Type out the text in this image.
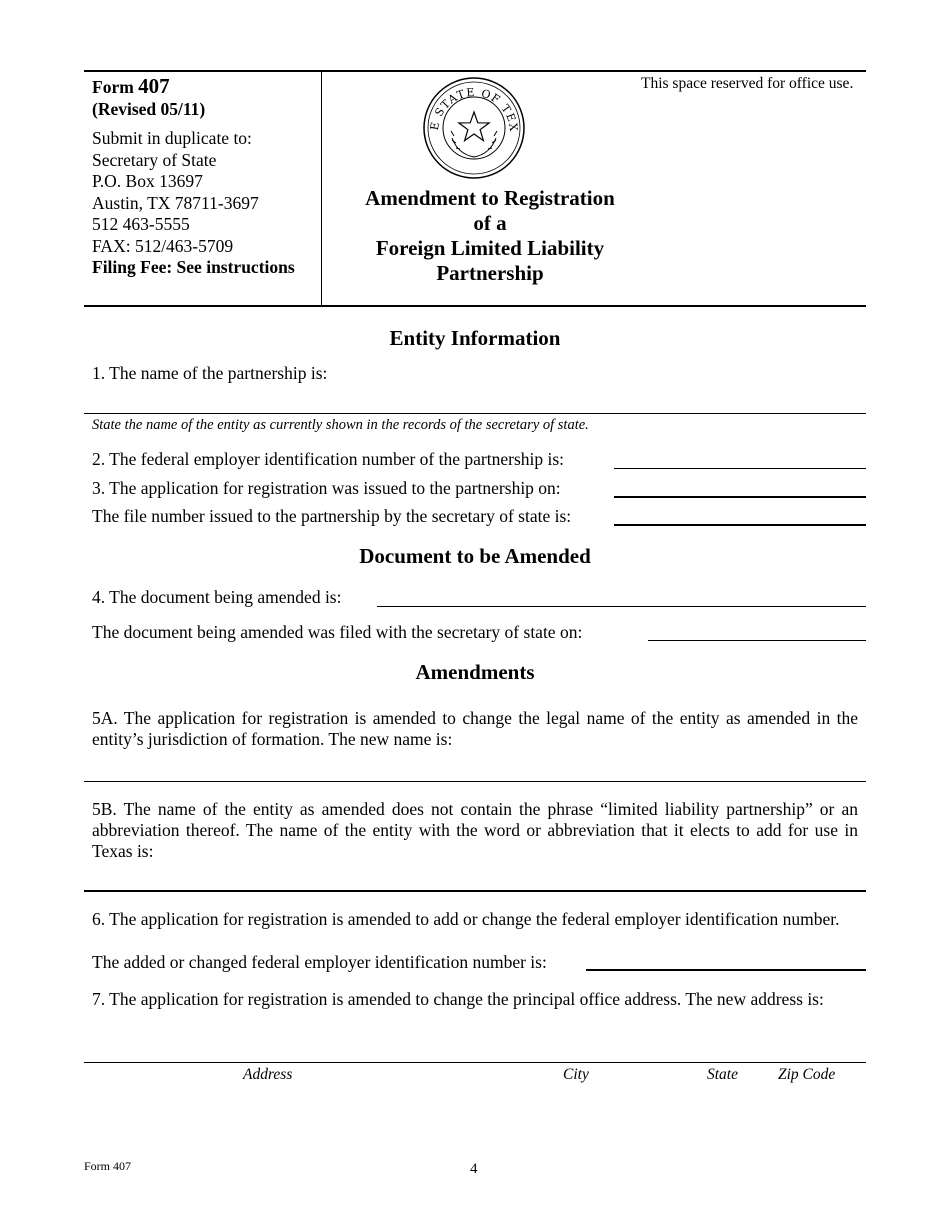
Form 407
(Revised 05/11)
Submit in duplicate to:
Secretary of State
P.O. Box 13697
Austin, TX 78711-3697
512 463-5555
FAX: 512/463-5709
Filing Fee: See instructions
E STATE OF TEX
Amendment to Registration
of a
Foreign Limited Liability
Partnership
This space reserved for office use.
Entity Information
1. The name of the partnership is:
State the name of the entity as currently shown in the records of the secretary of state.
2. The federal employer identification number of the partnership is:
3. The application for registration was issued to the partnership on:
The file number issued to the partnership by the secretary of state is:
Document to be Amended
4. The document being amended is:
The document being amended was filed with the secretary of state on:
Amendments
5A. The application for registration is amended to change the legal name of the entity as amended in the entity’s jurisdiction of formation. The new name is:
5B. The name of the entity as amended does not contain the phrase “limited liability partnership” or an abbreviation thereof. The name of the entity with the word or abbreviation that it elects to add for use in Texas is:
6. The application for registration is amended to add or change the federal employer identification number.
The added or changed federal employer identification number is:
7. The application for registration is amended to change the principal office address. The new address is:
Address	City	State	Zip Code
Form 407	4
